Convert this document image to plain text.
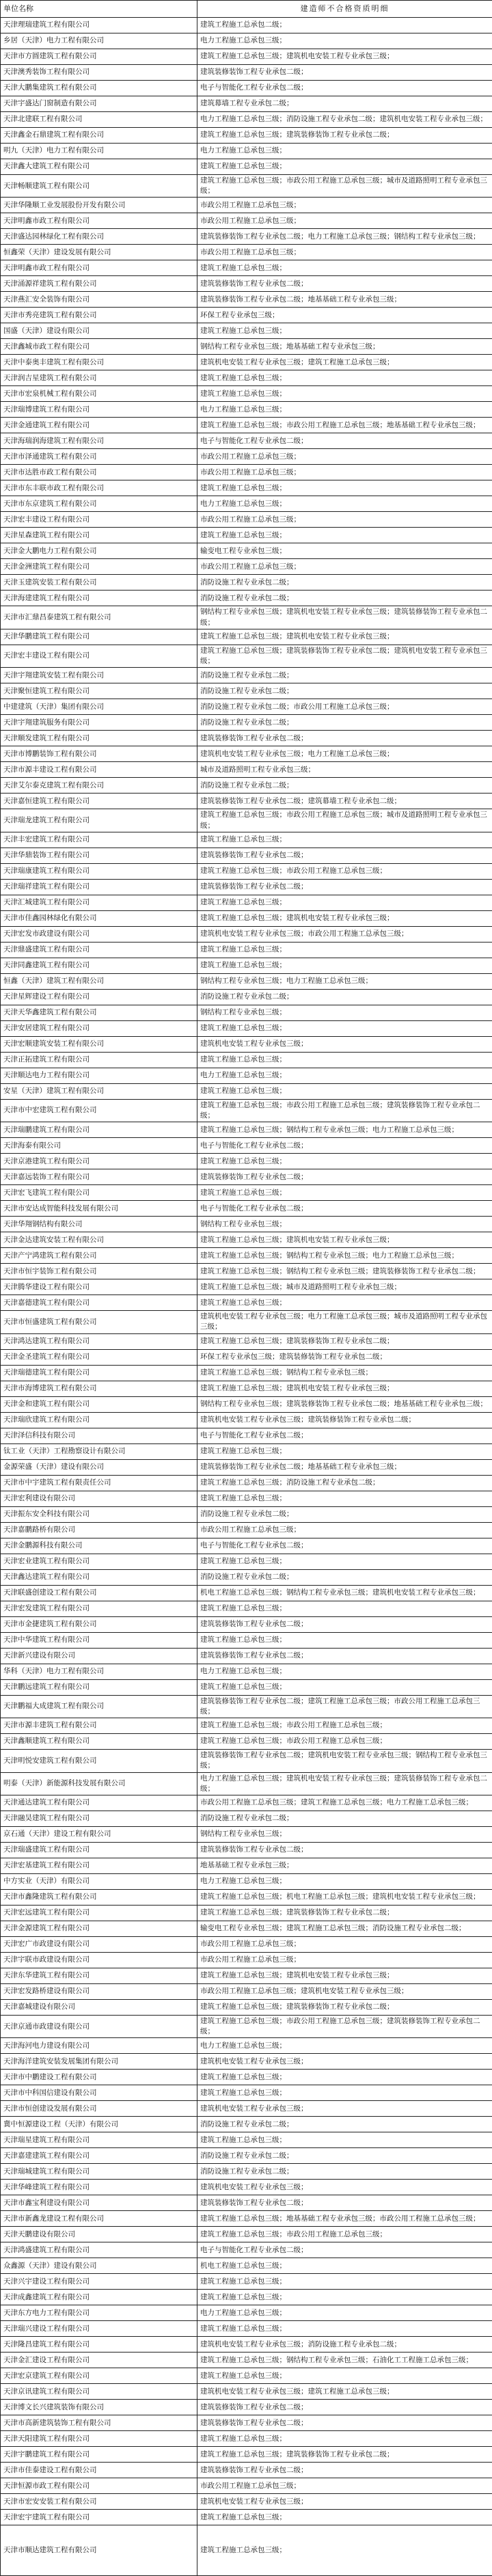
单位名称	建造师不合格资质明细
天津理瑞建筑工程有限公司	建筑工程施工总承包二级；
乡居（天津）电力工程有限公司	电力工程施工总承包三级；
天津市方圆建筑工程有限公司	建筑工程施工总承包三级；建筑机电安装工程专业承包三级；
天津澳秀装饰工程有限公司	建筑装修装饰工程专业承包二级；
天津大鹏集建筑工程有限公司	电子与智能化工程专业承包二级；
天津宇盛达门窗制造有限公司	建筑幕墙工程专业承包二级；
天津北建联工程有限公司	电力工程施工总承包三级；消防设施工程专业承包二级；建筑机电安装工程专业承包三级；
天津鑫金石鼎建筑工程有限公司	建筑工程施工总承包三级；建筑装修装饰工程专业承包二级；
明九（天津）电力工程有限公司	电力工程施工总承包三级；
天津鑫大建筑工程有限公司	建筑工程施工总承包三级；
天津畅顺建筑工程有限公司	建筑工程施工总承包三级；市政公用工程施工总承包三级；城市及道路照明工程专业承包三级；
天津华隆顺工业发展股份开发有限公司	市政公用工程施工总承包三级；
天津明鑫市政工程有限公司	市政公用工程施工总承包三级；
天津盛达园林绿化工程有限公司	建筑装修装饰工程专业承包二级；电力工程施工总承包三级；钢结构工程专业承包三级；
恒鑫荣（天津）建设发展有限公司	市政公用工程施工总承包三级；
天津明鑫市政工程有限公司	建筑工程施工总承包三级；
天津涌源祥建筑工程有限公司	建筑装修装饰工程专业承包二级；
天津燕汇安全装饰有限公司	建筑装修装饰工程专业承包二级；地基基础工程专业承包三级；
天津市秀亮建筑工程有限公司	环保工程专业承包三级；
国盛（天津）建设有限公司	建筑工程施工总承包三级；
天津鑫城市政工程有限公司	钢结构工程专业承包三级；地基基础工程专业承包三级；
天津中泰奥丰建筑工程有限公司	建筑机电安装工程专业承包三级；建筑工程施工总承包三级；
天津润吉星建筑工程有限公司	建筑工程施工总承包三级；
天津市宏泉机械工程有限公司	建筑工程施工总承包三级；
天津瑞博建筑工程有限公司	电力工程施工总承包三级；
天津金通建筑工程有限公司	建筑工程施工总承包三级；市政公用工程施工总承包三级；地基基础工程专业承包三级；
天津海瑞润海建筑工程有限公司	电子与智能化工程专业承包二级；
天津市泽通建筑工程有限公司	市政公用工程施工总承包三级；
天津市达胜市政工程有限公司	市政公用工程施工总承包三级；
天津市东丰联市政工程有限公司	建筑工程施工总承包三级；
天津市东京建筑工程有限公司	电力工程施工总承包三级；
天津宏丰建设工程有限公司	市政公用工程施工总承包三级；
天津星森建筑工程有限公司	建筑工程施工总承包三级；
天津金大鹏电力工程有限公司	输变电工程专业承包三级；
天津金洲建筑工程有限公司	市政公用工程施工总承包三级；
天津玉建筑安装工程有限公司	消防设施工程专业承包二级；
天津海建建筑工程有限公司	消防设施工程专业承包二级；
天津市汇鼎昌泰建筑工程有限公司	钢结构工程专业承包三级；建筑机电安装工程专业承包三级；建筑装修装饰工程专业承包二级；
天津华鹏建筑工程有限公司	建筑工程施工总承包三级；建筑机电安装工程专业承包三级；
天津宏丰建设工程有限公司	建筑工程施工总承包三级；建筑装修装饰工程专业承包二级；建筑机电安装工程专业承包三级；
天津宇翔建筑安装工程有限公司	消防设施工程专业承包二级；
天津聚恒建筑工程有限公司	消防设施工程专业承包二级；
中建建筑（天津）集团有限公司	消防设施工程专业承包二级；市政公用工程施工总承包三级；
天津宇翔建筑服务有限公司	消防设施工程专业承包二级；
天津顺发建筑工程有限公司	建筑装修装饰工程专业承包二级；
天津市博鹏装饰工程有限公司	建筑机电安装工程专业承包三级；电力工程施工总承包三级；
天津市源丰建设工程有限公司	城市及道路照明工程专业承包三级；
天津艾尔泰克建筑工程有限公司	消防设施工程专业承包二级；
天津嘉恒建筑工程有限公司	建筑装修装饰工程专业承包二级；建筑幕墙工程专业承包二级；
天津瑞龙建筑工程有限公司	建筑工程施工总承包三级；市政公用工程施工总承包三级；城市及道路照明工程专业承包三级；
天津丰宏建筑工程有限公司	建筑工程施工总承包三级；
天津华鼎装饰工程有限公司	建筑装修装饰工程专业承包二级；
天津瑞康建筑工程有限公司	建筑工程施工总承包三级；市政公用工程施工总承包三级；
天津瑞祥建筑工程有限公司	建筑装修装饰工程专业承包二级；
天津汇城建筑工程有限公司	建筑工程施工总承包三级；
天津市佳鑫园林绿化有限公司	建筑工程施工总承包三级；建筑机电安装工程专业承包三级；
天津宏发市政建设有限公司	建筑机电安装工程专业承包三级；市政公用工程施工总承包三级；
天津鼎盛建筑工程有限公司	建筑工程施工总承包三级；
天津同鑫建筑工程有限公司	建筑工程施工总承包三级；
恒鑫（天津）建筑工程有限公司	钢结构工程专业承包三级；电力工程施工总承包三级；
天津星辉建设工程有限公司	消防设施工程专业承包二级；
天津天华鑫建筑工程有限公司	钢结构工程专业承包三级；
天津安居建筑工程有限公司	建筑工程施工总承包三级；
天津宏顺建筑安装工程有限公司	建筑机电安装工程专业承包三级；
天津正拓建筑工程有限公司	建筑工程施工总承包三级；
天津顺达电力工程有限公司	电力工程施工总承包三级；
安星（天津）建筑工程有限公司	建筑工程施工总承包三级；
天津市中宏建筑工程有限公司	建筑工程施工总承包三级；市政公用工程施工总承包三级；建筑装修装饰工程专业承包二级；
天津瑞鹏建筑工程有限公司	建筑工程施工总承包三级；钢结构工程专业承包三级；电力工程施工总承包三级；
天津海泰有限公司	电子与智能化工程专业承包二级；
天津京港建筑工程有限公司	建筑工程施工总承包三级；
天津嘉远装饰工程有限公司	建筑装修装饰工程专业承包二级；
天津宏飞建筑工程有限公司	建筑工程施工总承包三级；
天津市安达成智能科技发展有限公司	电子与智能化工程专业承包二级；
天津华翔钢结构有限公司	钢结构工程专业承包三级；
天津金达建筑安装工程有限公司	建筑工程施工总承包三级；建筑机电安装工程专业承包三级；
天津产宁鸿建筑工程有限公司	建筑工程施工总承包三级；钢结构工程专业承包三级；电力工程施工总承包三级；
天津市恒宇装饰工程有限公司	建筑工程施工总承包三级；钢结构工程专业承包三级；建筑装修装饰工程专业承包二级；
天津腾华建设工程有限公司	建筑工程施工总承包三级；城市及道路照明工程专业承包三级；
天津嘉德建筑工程有限公司	建筑工程施工总承包三级；
天津市恒盛建筑工程有限公司	建筑机电安装工程专业承包三级；电力工程施工总承包三级；城市及道路照明工程专业承包三级；
天津鸿达建筑工程有限公司	建筑工程施工总承包三级；建筑装修装饰工程专业承包二级；
天津金圣建筑工程有限公司	环保工程专业承包三级；建筑装修装饰工程专业承包二级；
天津瑞德建筑工程有限公司	建筑工程施工总承包三级；钢结构工程专业承包三级；
天津市海博建筑工程有限公司	建筑工程施工总承包三级；建筑机电安装工程专业承包三级；
天津金和建筑工程有限公司	钢结构工程专业承包三级；建筑装修装饰工程专业承包二级；地基基础工程专业承包三级；
天津瑞欣建筑工程有限公司	建筑机电安装工程专业承包三级；建筑装修装饰工程专业承包二级；
天津泽信科技有限公司	电子与智能化工程专业承包二级；
钛工业（天津）工程勘察设计有限公司	建筑工程施工总承包三级；
金源荣盛（天津）建设有限公司	建筑装修装饰工程专业承包二级；地基基础工程专业承包三级；
天津市中宇建筑工程有限责任公司	建筑工程施工总承包三级；消防设施工程专业承包二级；
天津宏利建设有限公司	建筑工程施工总承包三级；
天津振东安全科技有限公司	消防设施工程专业承包二级；
天津嘉鹏路桥有限公司	市政公用工程施工总承包三级；
天津金鹏源科技有限公司	电子与智能化工程专业承包二级；
天津宏业建筑工程有限公司	建筑工程施工总承包三级；
天津鑫达建筑工程有限公司	消防设施工程专业承包二级；
天津联盛创建设工程有限公司	机电工程施工总承包三级；钢结构工程专业承包三级；建筑机电安装工程专业承包三级；
天津宏发建筑工程有限公司	建筑工程施工总承包三级；
天津市金捷建筑工程有限公司	建筑装修装饰工程专业承包二级；
天津中华建筑工程有限公司	建筑工程施工总承包三级；
天津新兴建设有限公司	建筑装修装饰工程专业承包二级；
华科（天津）电力工程有限公司	电力工程施工总承包三级；
天津鹏远建筑工程有限公司	建筑工程施工总承包三级；
天津鹏福大成建筑工程有限公司	建筑装修装饰工程专业承包二级；建筑工程施工总承包三级；市政公用工程施工总承包三级；
天津市源丰建筑工程有限公司	建筑工程施工总承包三级；市政公用工程施工总承包三级；
天津鑫顺建筑工程有限公司	建筑工程施工总承包三级；市政公用工程施工总承包三级；
天津明悦安建筑工程有限公司	建筑装修装饰工程专业承包二级；建筑机电安装工程专业承包三级；钢结构工程专业承包三级；
明泰（天津）新能源科技发展有限公司	电力工程施工总承包三级；建筑机电安装工程专业承包三级；建筑装修装饰工程专业承包二级；
天津通达建筑工程有限公司	市政公用工程施工总承包三级；建筑工程施工总承包三级；电力工程施工总承包三级；
天津融昊建筑工程有限公司	消防设施工程专业承包二级；
京石通（天津）建设工程有限公司	钢结构工程专业承包三级；
天津瑞盛建筑工程有限公司	建筑装修装饰工程专业承包二级；
天津宏基建筑工程有限公司	地基基础工程专业承包三级；
中方实业（天津）有限公司	电力工程施工总承包三级；
天津市鑫隆建筑工程有限公司	建筑工程施工总承包三级；机电工程施工总承包三级；建筑机电安装工程专业承包三级；
天津宏远建筑工程有限公司	建筑工程施工总承包三级；建筑装修装饰工程专业承包二级；
天津金源建筑工程有限公司	输变电工程专业承包三级；建筑工程施工总承包三级；消防设施工程专业承包二级；
天津宏广市政建设有限公司	市政公用工程施工总承包三级；
天津宇联市政建设有限公司	市政公用工程施工总承包三级；
天津东华建筑工程有限公司	建筑工程施工总承包三级；建筑机电安装工程专业承包三级；
天津宏发路桥建设有限公司	市政公用工程施工总承包三级；建筑机电安装工程专业承包三级；
天津嘉城建设有限公司	建筑工程施工总承包三级；建筑装修装饰工程专业承包二级；
天津京通市政建设有限公司	建筑工程施工总承包三级；市政公用工程施工总承包三级；建筑装修装饰工程专业承包二级；
天津海河电力建设有限公司	电力工程施工总承包三级；
天津海洋建筑安装发展集团有限公司	建筑机电安装工程专业承包三级；
天津市中鹏建设工程有限公司	建筑工程施工总承包三级；
天津市中科国信建设有限公司	建筑工程施工总承包三级；
天津市恒创建设发展有限公司	建筑机电安装工程专业承包三级；
冀中恒源建设工程（天津）有限公司	消防设施工程专业承包二级；
天津瑞星建筑工程有限公司	建筑工程施工总承包三级；
天津嘉建建筑工程有限公司	消防设施工程专业承包二级；
天津瑞城建筑工程有限公司	消防设施工程专业承包二级；
天津华峰建筑工程有限公司	建筑机电安装工程专业承包三级；
天津市鑫宝利建设有限公司	建筑装修装饰工程专业承包二级；
天津市新鑫龙建设工程有限公司	建筑工程施工总承包三级；地基基础工程专业承包三级；市政公用工程施工总承包三级；
天津天鹏建设有限公司	建筑工程施工总承包三级；市政公用工程施工总承包三级；
天津鸿盛建筑工程有限公司	电子与智能化工程专业承包二级；
众鑫源（天津）建设有限公司	机电工程施工总承包三级；
天津兴宇建设工程有限公司	建筑工程施工总承包三级；
天津成鑫建筑工程有限公司	建筑工程施工总承包三级；
天津东方电力工程有限公司	电力工程施工总承包三级；
天津瑞兴建设工程有限公司	建筑工程施工总承包三级；
天津隆昌建筑工程有限公司	建筑机电安装工程专业承包三级；消防设施工程专业承包二级；
天津金汇建设工程有限公司	建筑工程施工总承包三级；钢结构工程专业承包三级；石油化工工程施工总承包三级；
天津宏京建筑工程有限公司	建筑工程施工总承包三级；
天津京讯建筑工程有限公司	建筑机电安装工程专业承包三级；建筑工程施工总承包三级；
天津博文长兴建筑装饰有限公司	建筑装修装饰工程专业承包二级；
天津市高新建筑装饰工程有限公司	建筑装修装饰工程专业承包二级；
天津天阳建筑工程有限公司	建筑工程施工总承包三级；
天津宇鹏建筑工程有限公司	建筑工程施工总承包三级；建筑装修装饰工程专业承包二级；
天津市佳泰建设工程有限公司	建筑装修装饰工程专业承包二级；
天津恒源市政工程有限公司	市政公用工程施工总承包三级；
天津市宏安安装工程有限公司	建筑机电安装工程专业承包三级；
天津宏宇建筑工程有限公司	建筑工程施工总承包三级；
天津市顺达建筑工程有限公司	建筑工程施工总承包三级；
